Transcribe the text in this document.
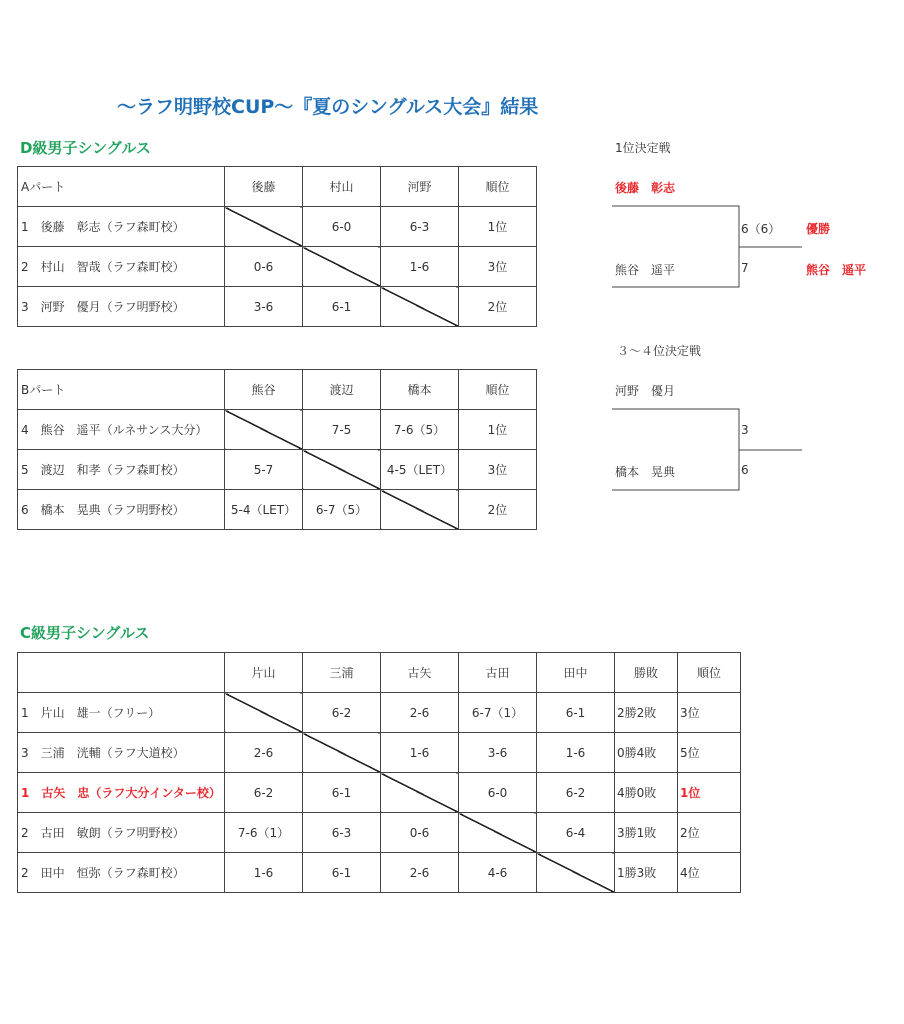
～ラフ明野校CUP～『夏のシングルス大会』結果
D級男子シングルス
Aパート	後藤	村山	河野	順位
1　後藤　彰志（ラフ森町校）		6-0	6-3	1位
2　村山　智哉（ラフ森町校）	0-6		1-6	3位
3　河野　優月（ラフ明野校）	3-6	6-1		2位
Bパート	熊谷	渡辺	橋本	順位
4　熊谷　遥平（ルネサンス大分）		7-5	7-6（5）	1位
5　渡辺　和孝（ラフ森町校）	5-7		4-5（LET）	3位
6　橋本　晃典（ラフ明野校）	5-4（LET）	6-7（5）		2位
1位決定戦
後藤　彰志
熊谷　遥平
6（6）
7
優勝
熊谷　遥平
３～４位決定戦
河野　優月
橋本　晃典
3
6
C級男子シングルス
	片山	三浦	古矢	古田	田中	勝敗	順位
1　片山　雄一（フリー）		6-2	2-6	6-7（1）	6-1	2勝2敗	3位
3　三浦　洸輔（ラフ大道校）	2-6		1-6	3-6	1-6	0勝4敗	5位
1　古矢　忠（ラフ大分インター校）	6-2	6-1		6-0	6-2	4勝0敗	1位
2　古田　敏朗（ラフ明野校）	7-6（1）	6-3	0-6		6-4	3勝1敗	2位
2　田中　恒弥（ラフ森町校）	1-6	6-1	2-6	4-6		1勝3敗	4位
